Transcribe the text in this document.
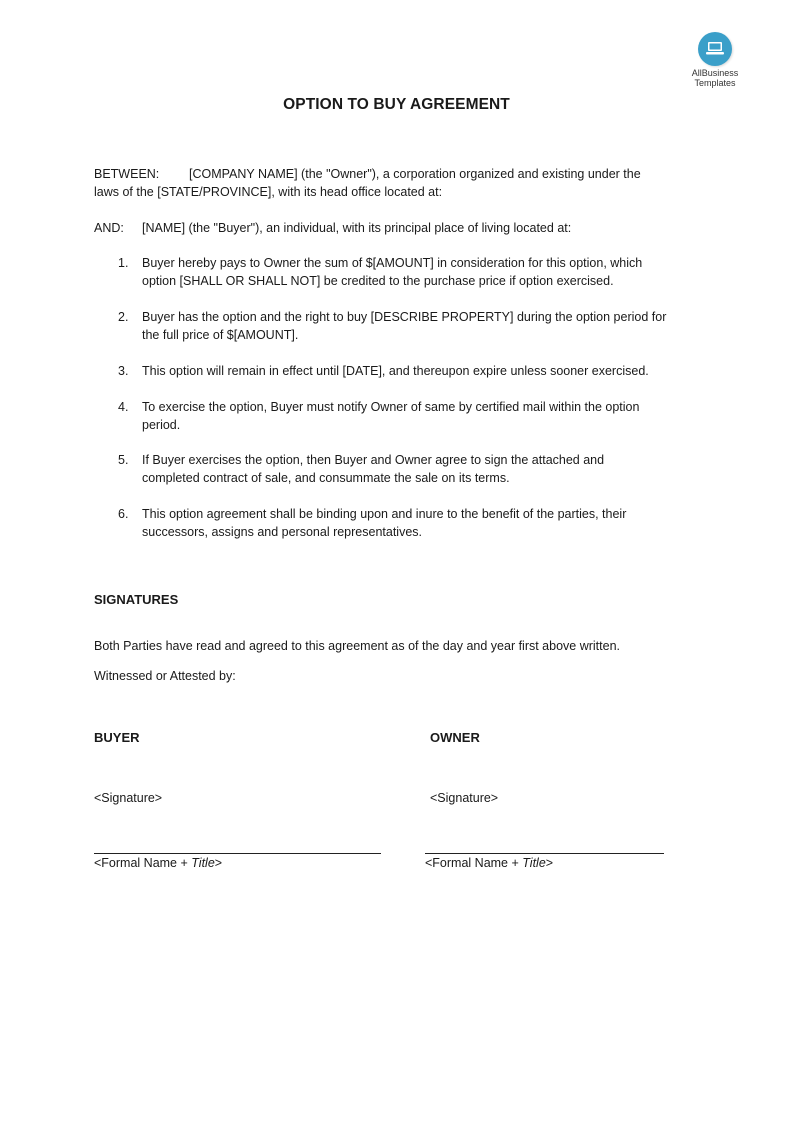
AllBusiness
Templates
OPTION TO BUY AGREEMENT
BETWEEN: [COMPANY NAME] (the "Owner"), a corporation organized and existing under the
laws of the [STATE/PROVINCE], with its head office located at:
AND: [NAME] (the "Buyer"), an individual, with its principal place of living located at:
1.	Buyer hereby pays to Owner the sum of $[AMOUNT] in consideration for this option, which
option [SHALL OR SHALL NOT] be credited to the purchase price if option exercised.
2.	Buyer has the option and the right to buy [DESCRIBE PROPERTY] during the option period for
the full price of $[AMOUNT].
3.	This option will remain in effect until [DATE], and thereupon expire unless sooner exercised.
4.	To exercise the option, Buyer must notify Owner of same by certified mail within the option
period.
5.	If Buyer exercises the option, then Buyer and Owner agree to sign the attached and
completed contract of sale, and consummate the sale on its terms.
6.	This option agreement shall be binding upon and inure to the benefit of the parties, their
successors, assigns and personal representatives.
SIGNATURES
Both Parties have read and agreed to this agreement as of the day and year first above written.
Witnessed or Attested by:
BUYER	OWNER
<Signature>	<Signature>
<Formal Name + Title>	<Formal Name + Title>
